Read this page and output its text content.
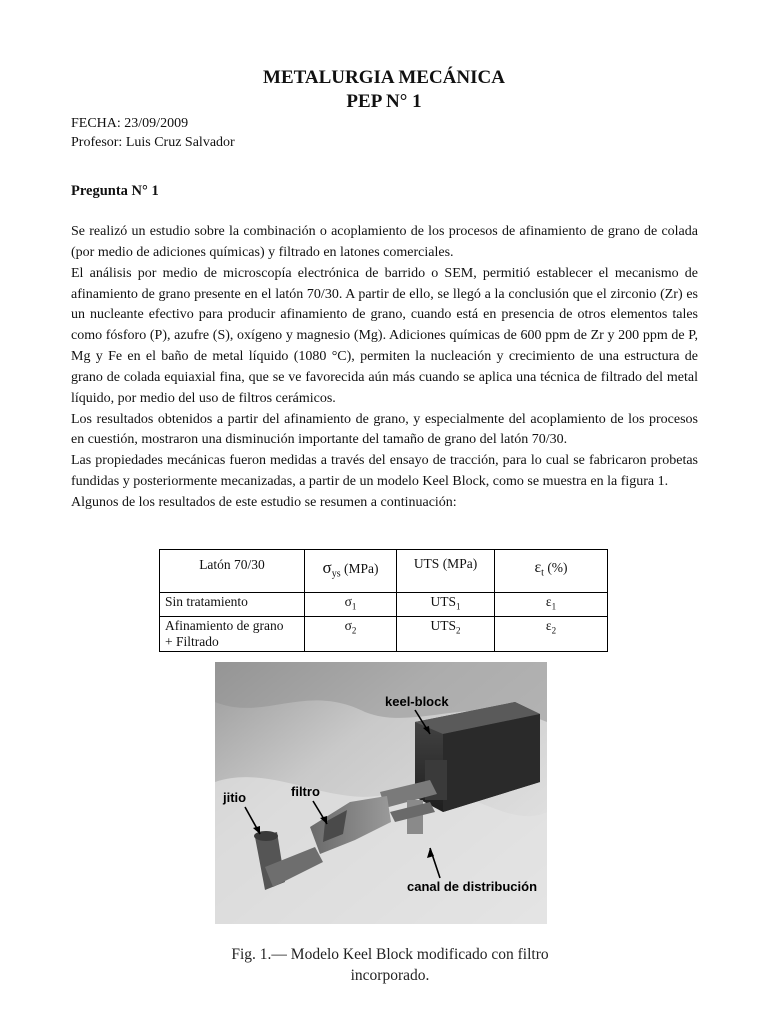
METALURGIA MECÁNICA
PEP N° 1
FECHA: 23/09/2009
Profesor: Luis Cruz Salvador
Pregunta N° 1

Se realizó un estudio sobre la combinación o acoplamiento de los procesos de afinamiento de grano de colada (por medio de adiciones químicas) y filtrado en latones comerciales.

El análisis por medio de microscopía electrónica de barrido o SEM, permitió establecer el mecanismo de afinamiento de grano presente en el latón 70/30. A partir de ello, se llegó a la conclusión que el zirconio (Zr) es un nucleante efectivo para producir afinamiento de grano, cuando está en presencia de otros elementos tales como fósforo (P), azufre (S), oxígeno y magnesio (Mg). Adiciones químicas de 600 ppm de Zr y 200 ppm de P, Mg y Fe en el baño de metal líquido (1080 °C), permiten la nucleación y crecimiento de una estructura de grano de colada equiaxial fina, que se ve favorecida aún más cuando se aplica una técnica de filtrado del metal líquido, por medio del uso de filtros cerámicos.

Los resultados obtenidos a partir del afinamiento de grano, y especialmente del acoplamiento de los procesos en cuestión, mostraron una disminución importante del tamaño de grano del latón 70/30.

Las propiedades mecánicas fueron medidas a través del ensayo de tracción, para lo cual se fabricaron probetas fundidas y posteriormente mecanizadas, a partir de un modelo Keel Block, como se muestra en la figura 1.

Algunos de los resultados de este estudio se resumen a continuación:

Latón 70/30	$\sigma_{ys}$ (MPa)	UTS (MPa)	$\varepsilon_t$ (%)
Sin tratamiento	$\sigma_1$	$UTS_1$	$\varepsilon_1$

Afinamiento de grano
+ Filtrado	$\sigma_2$	$UTS_2$	$\varepsilon_2$
keel-block
jitio	filtro
canal de distribución
Fig. 1.— Modelo Keel Block modificado con filtro
incorporado.
